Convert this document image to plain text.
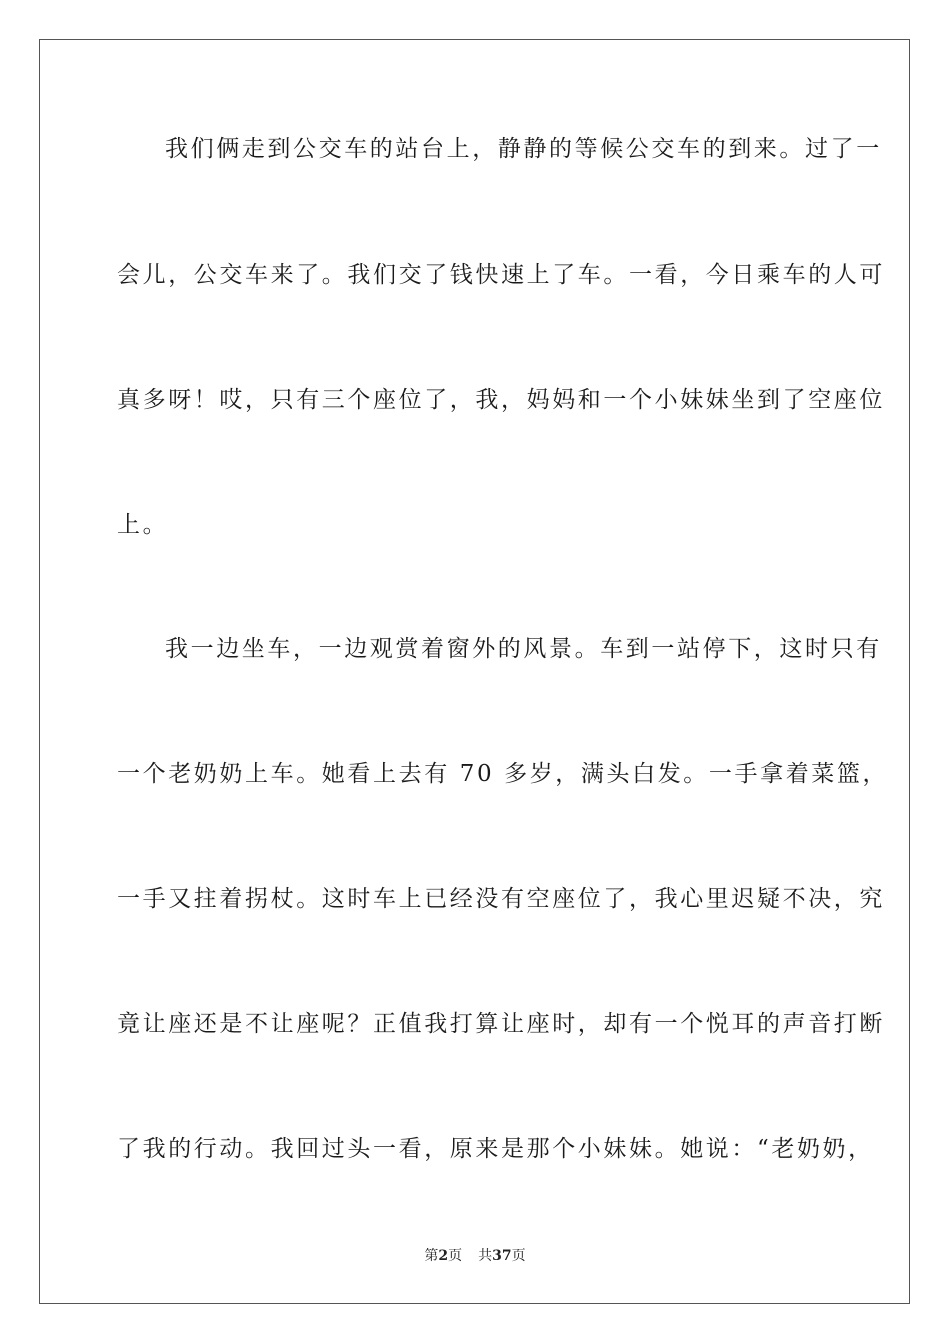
我们俩走到公交车的站台上，静静的等候公交车的到来。过了一
会儿，公交车来了。我们交了钱快速上了车。一看，今日乘车的人可
真多呀！哎，只有三个座位了，我，妈妈和一个小妹妹坐到了空座位
上。
我一边坐车，一边观赏着窗外的风景。车到一站停下，这时只有
一个老奶奶上车。她看上去有 70 多岁，满头白发。一手拿着菜篮，
一手又拄着拐杖。这时车上已经没有空座位了，我心里迟疑不决，究
竟让座还是不让座呢？正值我打算让座时，却有一个悦耳的声音打断
了我的行动。我回过头一看，原来是那个小妹妹。她说：“老奶奶，
第2页 共37页
